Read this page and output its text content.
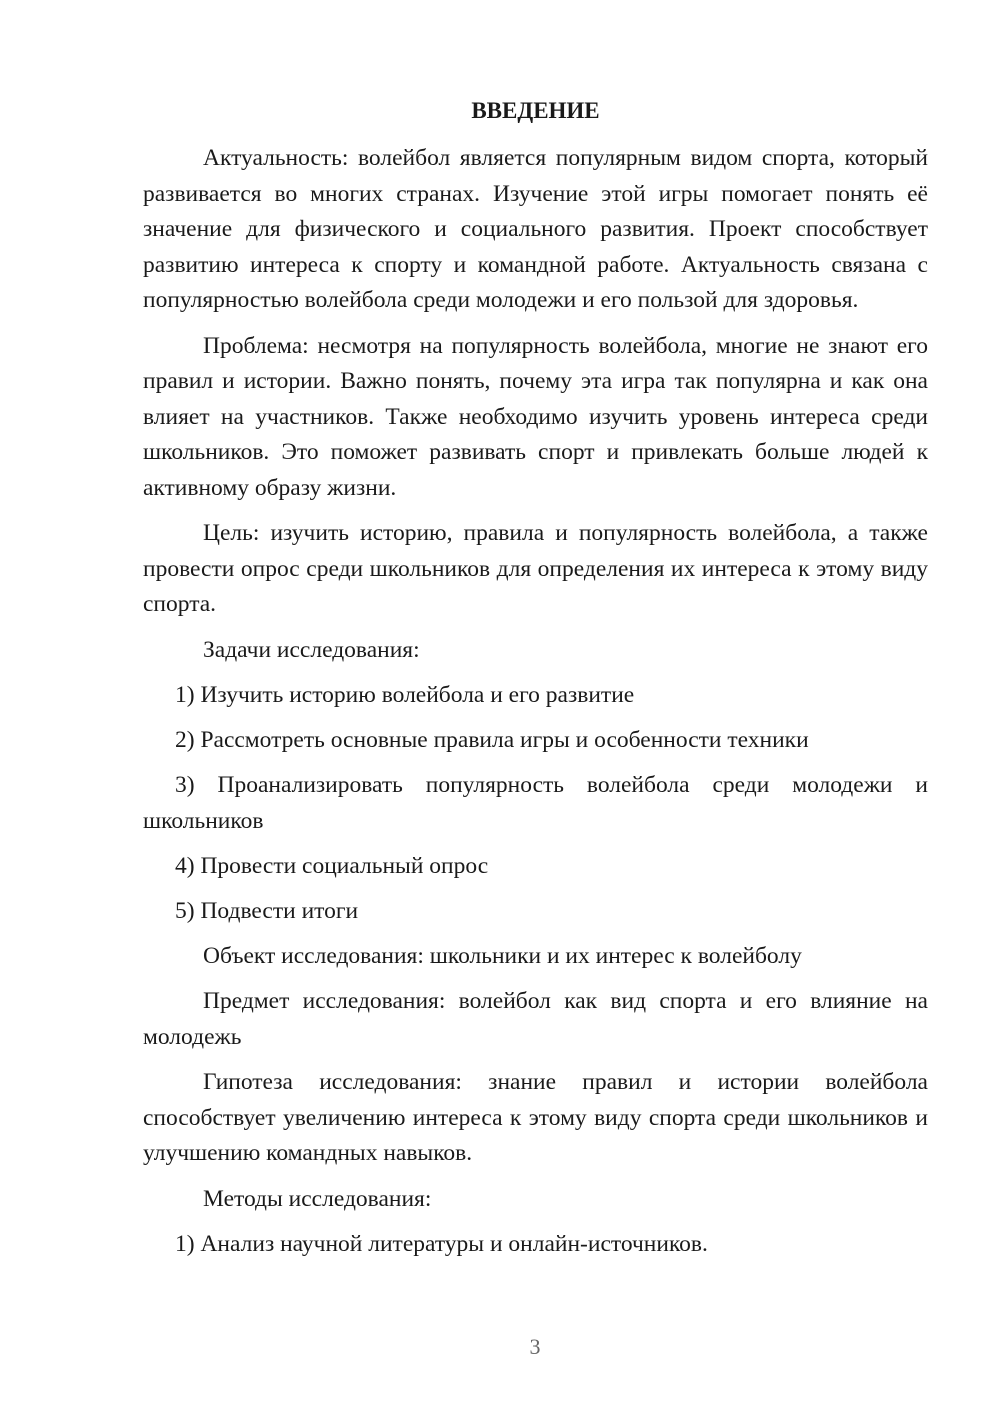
ВВЕДЕНИЕ

Актуальность: волейбол является популярным видом спорта, который развивается во многих странах. Изучение этой игры помогает понять её значение для физического и социального развития. Проект способствует развитию интереса к спорту и командной работе. Актуальность связана с популярностью волейбола среди молодежи и его пользой для здоровья.

Проблема: несмотря на популярность волейбола, многие не знают его правил и истории. Важно понять, почему эта игра так популярна и как она влияет на участников. Также необходимо изучить уровень интереса среди школьников. Это поможет развивать спорт и привлекать больше людей к активному образу жизни.

Цель: изучить историю, правила и популярность волейбола, а также провести опрос среди школьников для определения их интереса к этому виду спорта.

Задачи исследования:

1) Изучить историю волейбола и его развитие

2) Рассмотреть основные правила игры и особенности техники

3) Проанализировать популярность волейбола среди молодежи и школьников

4) Провести социальный опрос

5) Подвести итоги

Объект исследования: школьники и их интерес к волейболу

Предмет исследования: волейбол как вид спорта и его влияние на молодежь

Гипотеза исследования: знание правил и истории волейбола способствует увеличению интереса к этому виду спорта среди школьников и улучшению командных навыков.

Методы исследования:

1) Анализ научной литературы и онлайн-источников.

3
